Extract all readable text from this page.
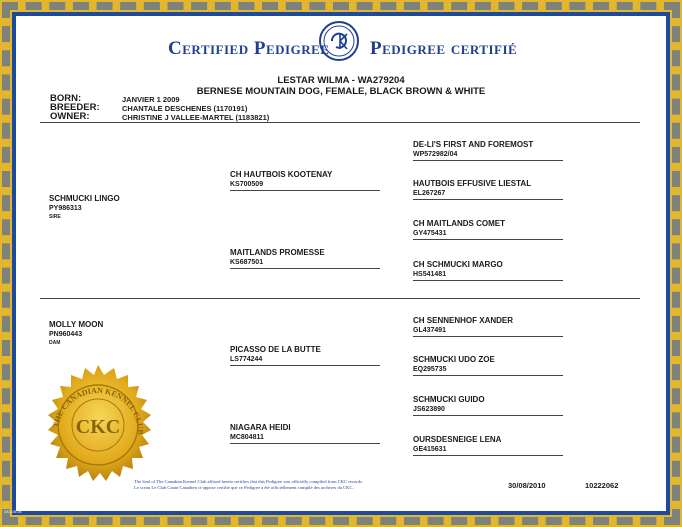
Certified Pedigree Pedigree certifié
LESTAR WILMA - WA279204
BERNESE MOUNTAIN DOG, FEMALE, BLACK BROWN & WHITE
BORN:	JANVIER 1 2009
BREEDER:	CHANTALE DESCHENES (1170191)
OWNER:	CHRISTINE J VALLEE-MARTEL (1183821)
SCHMUCKI LINGO
PY986313
SIRE
MOLLY MOON
PN960443
DAM
CH HAUTBOIS KOOTENAY
KS700509
MAITLANDS PROMESSE
KS687501
PICASSO DE LA BUTTE
LS774244
NIAGARA HEIDI
MC804811
DE-LI'S FIRST AND FOREMOST
WP572982/04
HAUTBOIS EFFUSIVE LIESTAL
EL267267
CH MAITLANDS COMET
GY475431
CH SCHMUCKI MARGO
HS541481
CH SENNENHOF XANDER
GL437491
SCHMUCKI UDO ZOE
EQ295735
SCHMUCKI GUIDO
JS623890
OURSDESNEIGE LENA
GE415631
THE CANADIAN KENNEL CLUB
CKC
The Seal of The Canadian Kennel Club affixed hereto certifies that this Pedigree was officially compiled from CKC records.
Le sceau Le Club Canin Canadien ci-appose certifie que ce Pedigree a été officiellement compilé des archives du CKC.	30/08/2010	10222062
CKC-06-08
